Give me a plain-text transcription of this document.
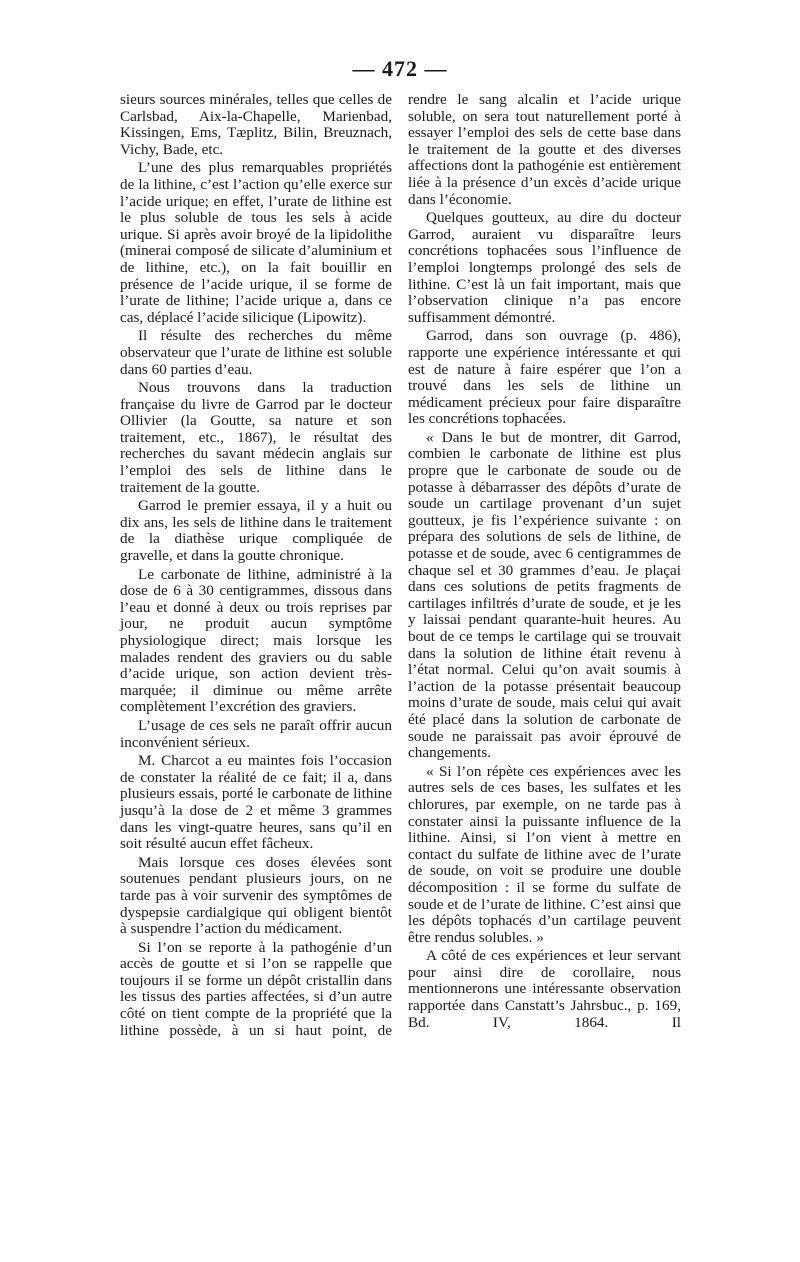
— 472 —

sieurs sources minérales, telles que celles de Carlsbad, Aix-la-Chapelle, Marienbad, Kissingen, Ems, Tæplitz, Bilin, Breuznach, Vichy, Bade, etc.

L’une des plus remarquables propriétés de la lithine, c’est l’action qu’elle exerce sur l’acide urique; en effet, l’urate de lithine est le plus soluble de tous les sels à acide urique. Si après avoir broyé de la lipidolithe (minerai composé de silicate d’aluminium et de lithine, etc.), on la fait bouillir en présence de l’acide urique, il se forme de l’urate de lithine; l’acide urique a, dans ce cas, déplacé l’acide silicique (Lipowitz).

Il résulte des recherches du même observateur que l’urate de lithine est soluble dans 60 parties d’eau.

Nous trouvons dans la traduction française du livre de Garrod par le docteur Ollivier (la Goutte, sa nature et son traitement, etc., 1867), le résultat des recherches du savant médecin anglais sur l’emploi des sels de lithine dans le traitement de la goutte.

Garrod le premier essaya, il y a huit ou dix ans, les sels de lithine dans le traitement de la diathèse urique compliquée de gravelle, et dans la goutte chronique.

Le carbonate de lithine, administré à la dose de 6 à 30 centigrammes, dissous dans l’eau et donné à deux ou trois reprises par jour, ne produit aucun symptôme physiologique direct; mais lorsque les malades rendent des graviers ou du sable d’acide urique, son action devient très-marquée; il diminue ou même arrête complètement l’excrétion des graviers.

L’usage de ces sels ne paraît offrir aucun inconvénient sérieux.

M. Charcot a eu maintes fois l’occasion de constater la réalité de ce fait; il a, dans plusieurs essais, porté le carbonate de lithine jusqu’à la dose de 2 et même 3 grammes dans les vingt-quatre heures, sans qu’il en soit résulté aucun effet fâcheux.

Mais lorsque ces doses élevées sont soutenues pendant plusieurs jours, on ne tarde pas à voir survenir des symptômes de dyspepsie cardialgique qui obligent bientôt à suspendre l’action du médicament.

Si l’on se reporte à la pathogénie d’un accès de goutte et si l’on se rappelle que toujours il se forme un dépôt cristallin dans les tissus des parties affectées, si d’un autre côté on tient compte de la propriété que la lithine possède, à un si haut point, de

rendre le sang alcalin et l’acide urique soluble, on sera tout naturellement porté à essayer l’emploi des sels de cette base dans le traitement de la goutte et des diverses affections dont la pathogénie est entièrement liée à la présence d’un excès d’acide urique dans l’économie.

Quelques goutteux, au dire du docteur Garrod, auraient vu disparaître leurs concrétions tophacées sous l’influence de l’emploi longtemps prolongé des sels de lithine. C’est là un fait important, mais que l’observation clinique n’a pas encore suffisamment démontré.

Garrod, dans son ouvrage (p. 486), rapporte une expérience intéressante et qui est de nature à faire espérer que l’on a trouvé dans les sels de lithine un médicament précieux pour faire disparaître les concrétions tophacées.

« Dans le but de montrer, dit Garrod, combien le carbonate de lithine est plus propre que le carbonate de soude ou de potasse à débarrasser des dépôts d’urate de soude un cartilage provenant d’un sujet goutteux, je fis l’expérience suivante : on prépara des solutions de sels de lithine, de potasse et de soude, avec 6 centigrammes de chaque sel et 30 grammes d’eau. Je plaçai dans ces solutions de petits fragments de cartilages infiltrés d’urate de soude, et je les y laissai pendant quarante-huit heures. Au bout de ce temps le cartilage qui se trouvait dans la solution de lithine était revenu à l’état normal. Celui qu’on avait soumis à l’action de la potasse présentait beaucoup moins d’urate de soude, mais celui qui avait été placé dans la solution de carbonate de soude ne paraissait pas avoir éprouvé de changements.

« Si l’on répète ces expériences avec les autres sels de ces bases, les sulfates et les chlorures, par exemple, on ne tarde pas à constater ainsi la puissante influence de la lithine. Ainsi, si l’on vient à mettre en contact du sulfate de lithine avec de l’urate de soude, on voit se produire une double décomposition : il se forme du sulfate de soude et de l’urate de lithine. C’est ainsi que les dépôts tophacés d’un cartilage peuvent être rendus solubles. »

A côté de ces expériences et leur servant pour ainsi dire de corollaire, nous mentionnerons une intéressante observation rapportée dans Canstatt’s Jahrsbuc., p. 169, Bd. IV, 1864. Il
